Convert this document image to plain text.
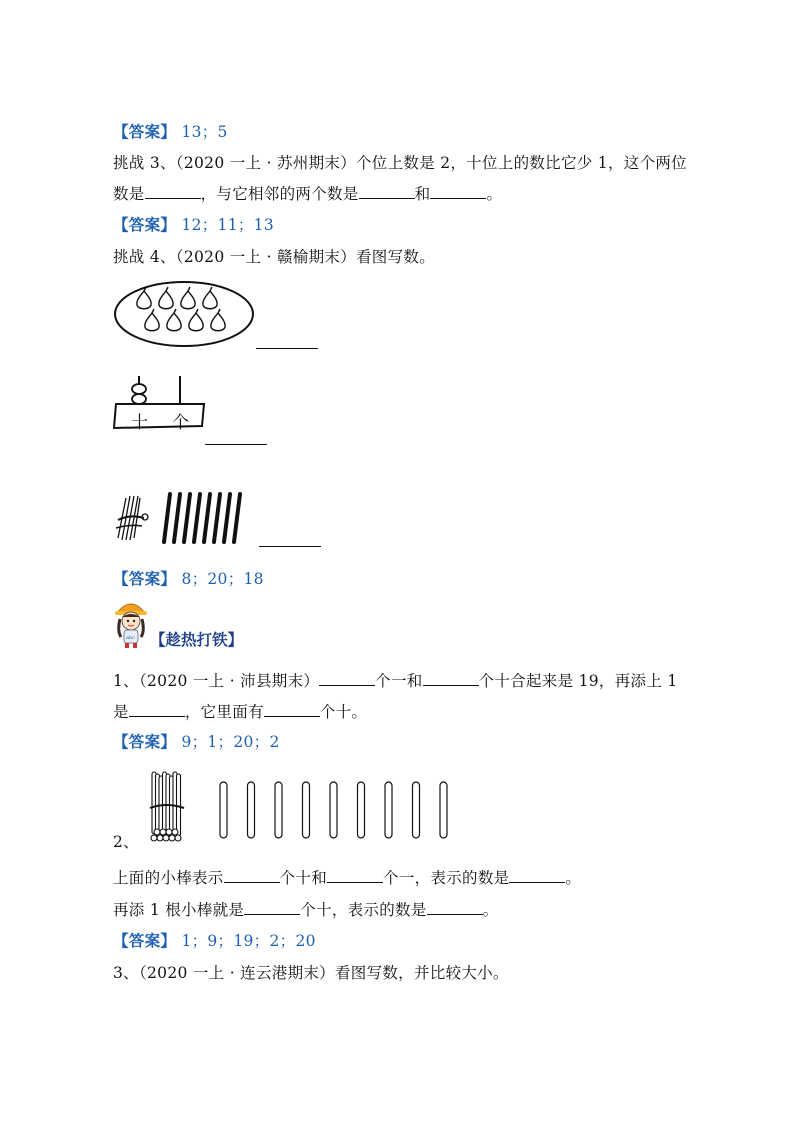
【答案】 13；5
挑战 3、（2020 一上 · 苏州期末）个位上数是 2，十位上的数比它少 1，这个两位
数是	，与它相邻的两个数是	和	。
【答案】 12；11；13
挑战 4、（2020 一上 · 赣榆期末）看图写数。
十 个
【答案】 8；20；18
abc 【趁热打铁】
1、（2020 一上 · 沛县期末）	个一和	个十合起来是 19，再添上 1
是	，它里面有	个十。
【答案】 9；1；20；2
2、
上面的小棒表示	个十和	个一，表示的数是	。
再添 1 根小棒就是	个十，表示的数是	。
【答案】 1；9；19；2；20
3、（2020 一上 · 连云港期末）看图写数，并比较大小。
